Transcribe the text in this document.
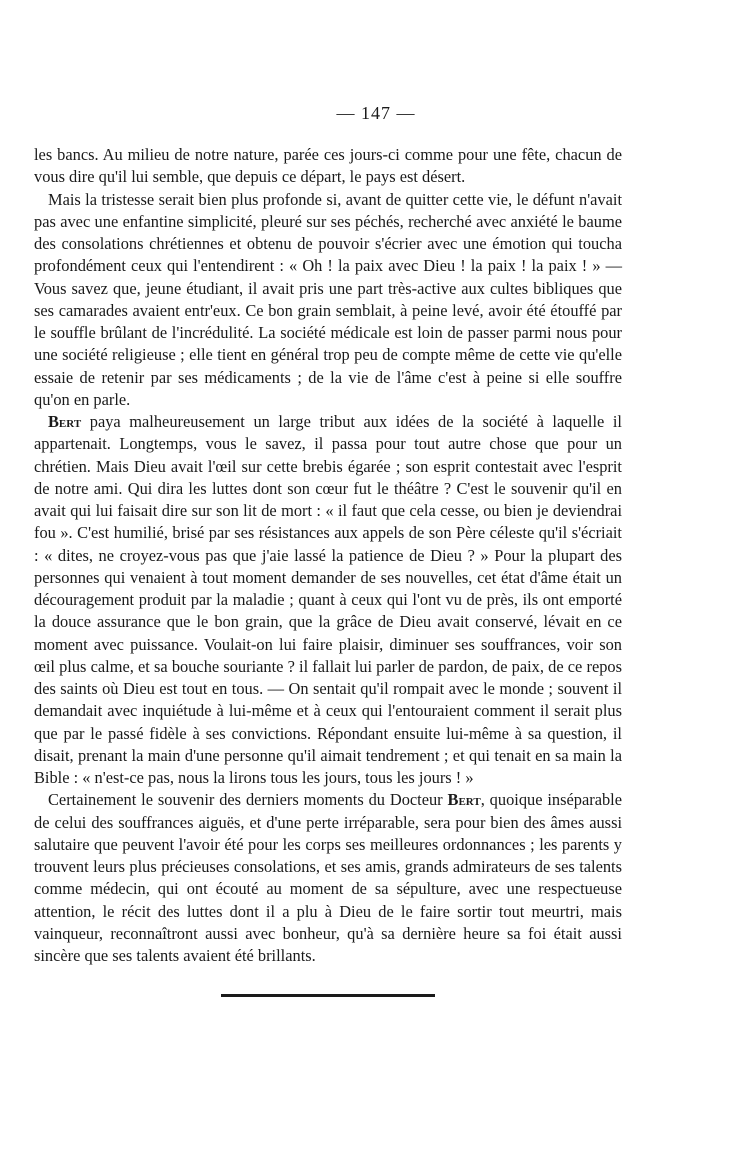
— 147 —

les bancs. Au milieu de notre nature, parée ces jours-ci comme pour une fête, chacun de vous dire qu'il lui semble, que depuis ce départ, le pays est désert.

Mais la tristesse serait bien plus profonde si, avant de quitter cette vie, le défunt n'avait pas avec une enfantine simplicité, pleuré sur ses péchés, recherché avec anxiété le baume des consolations chrétiennes et obtenu de pouvoir s'écrier avec une émotion qui toucha profondément ceux qui l'entendirent : « Oh ! la paix avec Dieu ! la paix ! la paix ! » — Vous savez que, jeune étudiant, il avait pris une part très-active aux cultes bibliques que ses camarades avaient entr'eux. Ce bon grain semblait, à peine levé, avoir été étouffé par le souffle brûlant de l'incrédulité. La société médicale est loin de passer parmi nous pour une société religieuse ; elle tient en général trop peu de compte même de cette vie qu'elle essaie de retenir par ses médicaments ; de la vie de l'âme c'est à peine si elle souffre qu'on en parle.

Bert paya malheureusement un large tribut aux idées de la société à laquelle il appartenait. Longtemps, vous le savez, il passa pour tout autre chose que pour un chrétien. Mais Dieu avait l'œil sur cette brebis égarée ; son esprit contestait avec l'esprit de notre ami. Qui dira les luttes dont son cœur fut le théâtre ? C'est le souvenir qu'il en avait qui lui faisait dire sur son lit de mort : « il faut que cela cesse, ou bien je deviendrai fou ». C'est humilié, brisé par ses résistances aux appels de son Père céleste qu'il s'écriait : « dites, ne croyez-vous pas que j'aie lassé la patience de Dieu ? » Pour la plupart des personnes qui venaient à tout moment demander de ses nouvelles, cet état d'âme était un découragement produit par la maladie ; quant à ceux qui l'ont vu de près, ils ont emporté la douce assurance que le bon grain, que la grâce de Dieu avait conservé, lévait en ce moment avec puissance. Voulait-on lui faire plaisir, diminuer ses souffrances, voir son œil plus calme, et sa bouche souriante ? il fallait lui parler de pardon, de paix, de ce repos des saints où Dieu est tout en tous. — On sentait qu'il rompait avec le monde ; souvent il demandait avec inquiétude à lui-même et à ceux qui l'entouraient comment il serait plus que par le passé fidèle à ses convictions. Répondant ensuite lui-même à sa question, il disait, prenant la main d'une personne qu'il aimait tendrement ; et qui tenait en sa main la Bible : « n'est-ce pas, nous la lirons tous les jours, tous les jours ! »

Certainement le souvenir des derniers moments du Docteur Bert, quoique inséparable de celui des souffrances aiguës, et d'une perte irréparable, sera pour bien des âmes aussi salutaire que peuvent l'avoir été pour les corps ses meilleures ordonnances ; les parents y trouvent leurs plus précieuses consolations, et ses amis, grands admirateurs de ses talents comme médecin, qui ont écouté au moment de sa sépulture, avec une respectueuse attention, le récit des luttes dont il a plu à Dieu de le faire sortir tout meurtri, mais vainqueur, reconnaîtront aussi avec bonheur, qu'à sa dernière heure sa foi était aussi sincère que ses talents avaient été brillants.
